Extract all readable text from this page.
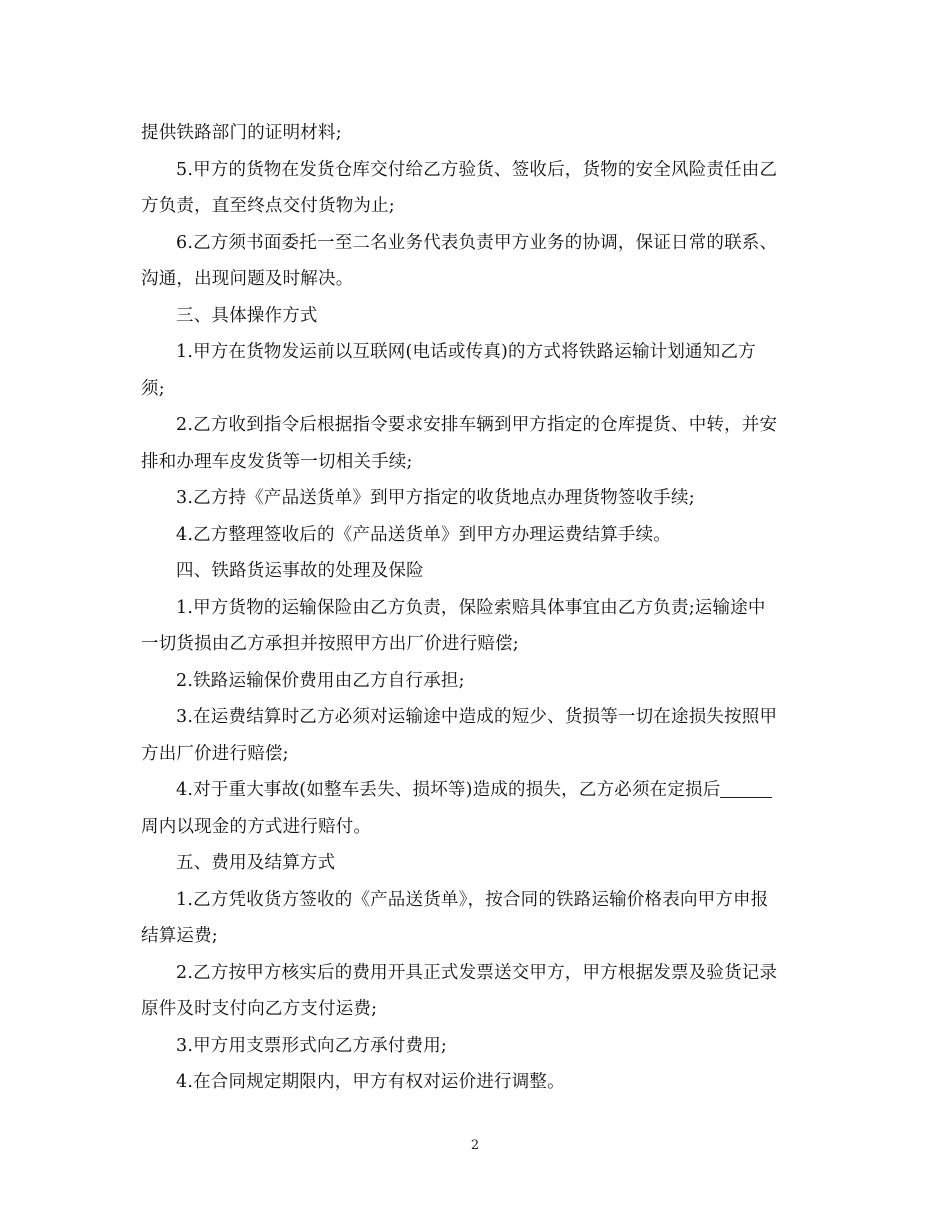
提供铁路部门的证明材料;
5.甲方的货物在发货仓库交付给乙方验货、签收后，货物的安全风险责任由乙
方负责，直至终点交付货物为止;
6.乙方须书面委托一至二名业务代表负责甲方业务的协调，保证日常的联系、
沟通，出现问题及时解决。
三、具体操作方式
1.甲方在货物发运前以互联网(电话或传真)的方式将铁路运输计划通知乙方
须;
2.乙方收到指令后根据指令要求安排车辆到甲方指定的仓库提货、中转，并安
排和办理车皮发货等一切相关手续;
3.乙方持《产品送货单》到甲方指定的收货地点办理货物签收手续;
4.乙方整理签收后的《产品送货单》到甲方办理运费结算手续。
四、铁路货运事故的处理及保险
1.甲方货物的运输保险由乙方负责，保险索赔具体事宜由乙方负责;运输途中
一切货损由乙方承担并按照甲方出厂价进行赔偿;
2.铁路运输保价费用由乙方自行承担;
3.在运费结算时乙方必须对运输途中造成的短少、货损等一切在途损失按照甲
方出厂价进行赔偿;
4.对于重大事故(如整车丢失、损坏等)造成的损失，乙方必须在定损后
周内以现金的方式进行赔付。
五、费用及结算方式
1.乙方凭收货方签收的《产品送货单》，按合同的铁路运输价格表向甲方申报
结算运费;
2.乙方按甲方核实后的费用开具正式发票送交甲方，甲方根据发票及验货记录
原件及时支付向乙方支付运费;
3.甲方用支票形式向乙方承付费用;
4.在合同规定期限内，甲方有权对运价进行调整。
2
